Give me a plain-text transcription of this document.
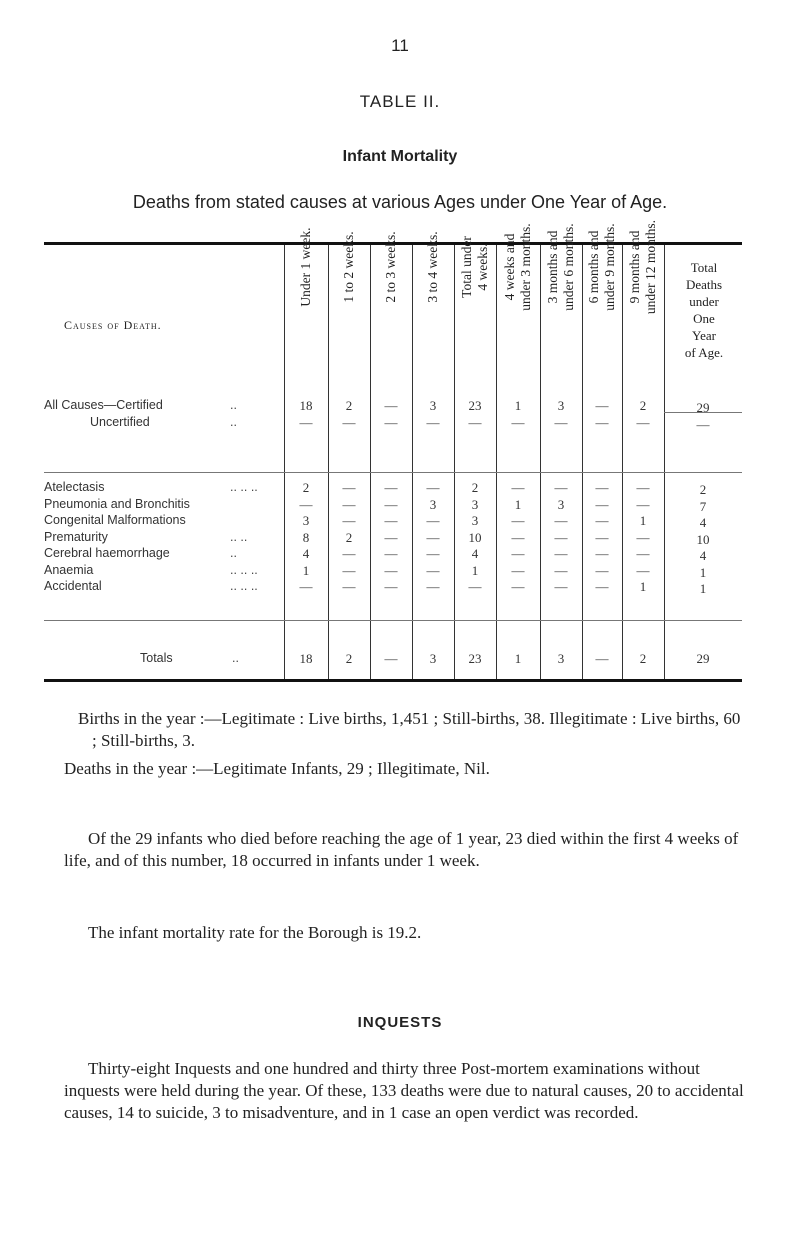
11
TABLE II.
Infant Mortality
Deaths from stated causes at various Ages under One Year of Age.
Causes of Death.
Total
Deaths
under
One
Year
of Age.
Under 1 week.	1 to 2 weeks.	2 to 3 weeks.	3 to 4 weeks.	Total under
4 weeks.
4 weeks and
under 3 months.
3 months and
under 6 months.
6 months and
under 9 months.
9 months and
under 12 months.
All Causes—Certified	..	18	2	—	3	23	1	3	—	2	29
Uncertified	..	—	—	—	—	—	—	—	—	—	—
Atelectasis	.. .. ..	2	—	—	—	2	—	—	—	—	2
Pneumonia and Bronchitis	—	—	—	3	3	1	3	—	—	7
Congenital Malformations	3	—	—	—	3	—	—	—	1	4
Prematurity	.. ..	8	2	—	—	10	—	—	—	—	10
Cerebral haemorrhage	..	4	—	—	—	4	—	—	—	—	4
Anaemia	.. .. ..	1	—	—	—	1	—	—	—	—	1
Accidental	.. .. ..	—	—	—	—	—	—	—	—	1	1
Totals	..	18	2	—	3	23	1	3	—	2	29
Births in the year :—Legitimate : Live births, 1,451 ; Still-births, 38. Illegitimate : Live births, 60 ; Still-births, 3.
Deaths in the year :—Legitimate Infants, 29 ; Illegitimate, Nil.
Of the 29 infants who died before reaching the age of 1 year, 23 died within the first 4 weeks of life, and of this number, 18 occurred in infants under 1 week.
The infant mortality rate for the Borough is 19.2.
INQUESTS
Thirty-eight Inquests and one hundred and thirty three Post-mortem examinations without inquests were held during the year. Of these, 133 deaths were due to natural causes, 20 to accidental causes, 14 to suicide, 3 to misadventure, and in 1 case an open verdict was recorded.
